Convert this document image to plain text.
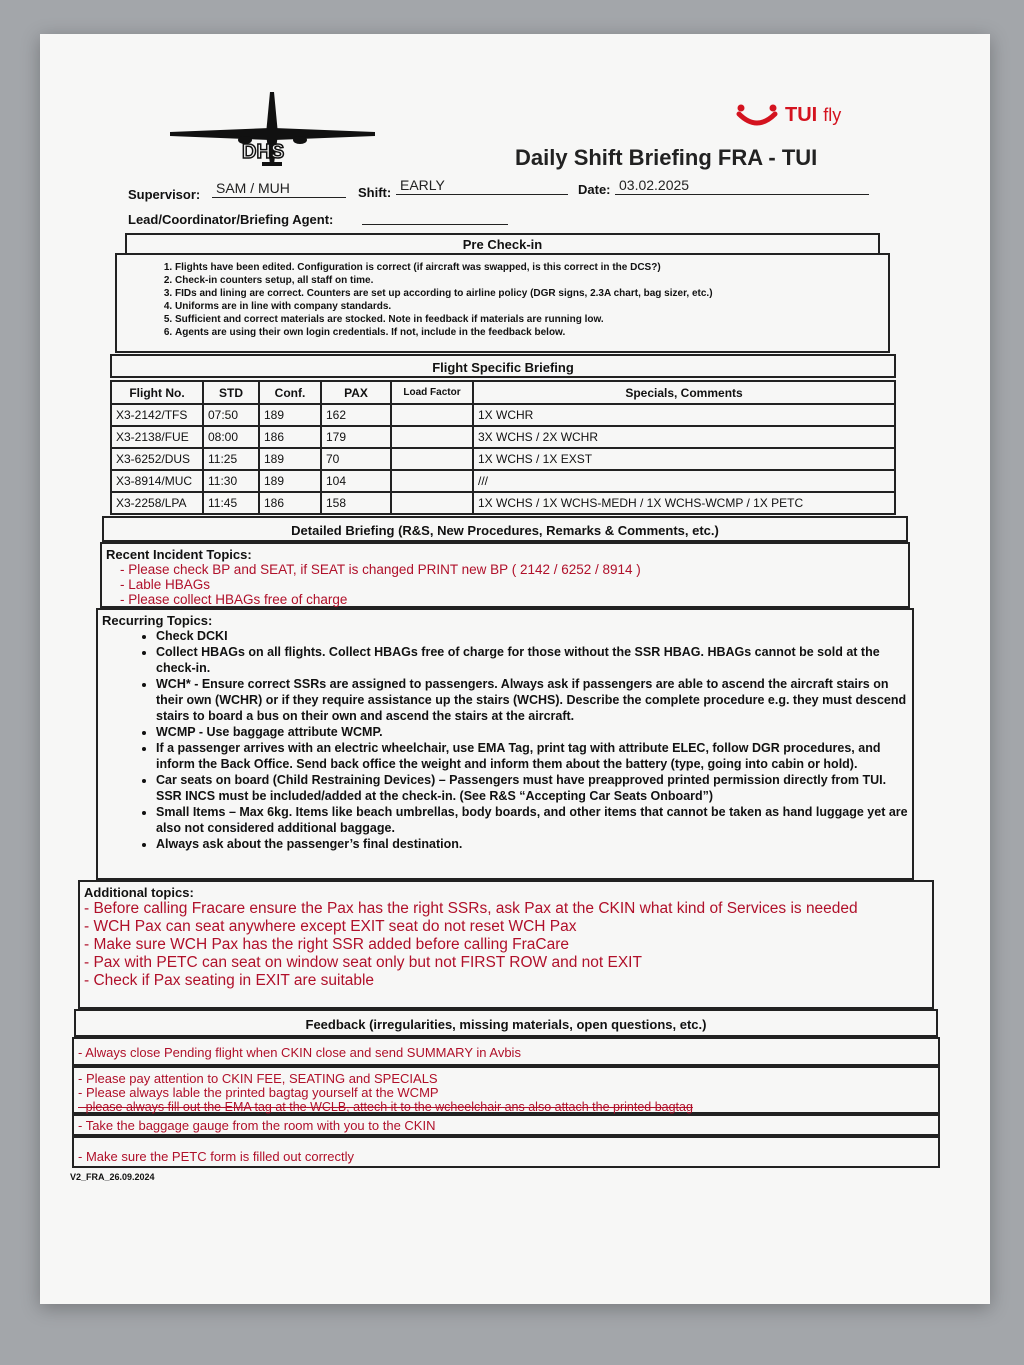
DHS
TUI fly
Daily Shift Briefing FRA - TUI
Supervisor: SAM / MUH	Shift: EARLY	Date: 03.02.2025
Lead/Coordinator/Briefing Agent:
Pre Check-in
1. Flights have been edited. Configuration is correct (if aircraft was swapped, is this correct in the DCS?)
2. Check-in counters setup, all staff on time.
3. FIDs and lining are correct. Counters are set up according to airline policy (DGR signs, 2.3A chart, bag sizer, etc.)
4. Uniforms are in line with company standards.
5. Sufficient and correct materials are stocked. Note in feedback if materials are running low.
6. Agents are using their own login credentials. If not, include in the feedback below.
Flight Specific Briefing
Flight No.	STD	Conf.	PAX	Load Factor	Specials, Comments
X3-2142/TFS	07:50	189	162		1X WCHR
X3-2138/FUE	08:00	186	179		3X WCHS / 2X WCHR
X3-6252/DUS	11:25	189	70		1X WCHS / 1X EXST
X3-8914/MUC	11:30	189	104		///
X3-2258/LPA	11:45	186	158		1X WCHS / 1X WCHS-MEDH / 1X WCHS-WCMP / 1X PETC
Detailed Briefing (R&S, New Procedures, Remarks & Comments, etc.)
Recent Incident Topics:
- Please check BP and SEAT, if SEAT is changed PRINT new BP ( 2142 / 6252 / 8914 )
- Lable HBAGs
- Please collect HBAGs free of charge
Recurring Topics:
• Check DCKI
• Collect HBAGs on all flights. Collect HBAGs free of charge for those without the SSR HBAG. HBAGs cannot be sold at the check-in.
• WCH* - Ensure correct SSRs are assigned to passengers. Always ask if passengers are able to ascend the aircraft stairs on their own (WCHR) or if they require assistance up the stairs (WCHS). Describe the complete procedure e.g. they must descend stairs to board a bus on their own and ascend the stairs at the aircraft.
• WCMP - Use baggage attribute WCMP.
• If a passenger arrives with an electric wheelchair, use EMA Tag, print tag with attribute ELEC, follow DGR procedures, and inform the Back Office. Send back office the weight and inform them about the battery (type, going into cabin or hold).
• Car seats on board (Child Restraining Devices) – Passengers must have preapproved printed permission directly from TUI. SSR INCS must be included/added at the check-in. (See R&S “Accepting Car Seats Onboard”)
• Small Items – Max 6kg. Items like beach umbrellas, body boards, and other items that cannot be taken as hand luggage yet are also not considered additional baggage.
• Always ask about the passenger’s final destination.
Additional topics:
- Before calling Fracare ensure the Pax has the right SSRs, ask Pax at the CKIN what kind of Services is needed
- WCH Pax can seat anywhere except EXIT seat do not reset WCH Pax
- Make sure WCH Pax has the right SSR added before calling FraCare
- Pax with PETC can seat on window seat only but not FIRST ROW and not EXIT
- Check if Pax seating in EXIT are suitable
Feedback (irregularities, missing materials, open questions, etc.)
- Always close Pending flight when CKIN close and send SUMMARY in Avbis
- Please pay attention to CKIN FEE, SEATING and SPECIALS
- Please always lable the printed bagtag yourself at the WCMP
- please always fill out the EMA tag at the WCLB, attech it to the wcheelchair ans also attach the printed bagtag
- Take the baggage gauge from the room with you to the CKIN
- Make sure the PETC form is filled out correctly
V2_FRA_26.09.2024
